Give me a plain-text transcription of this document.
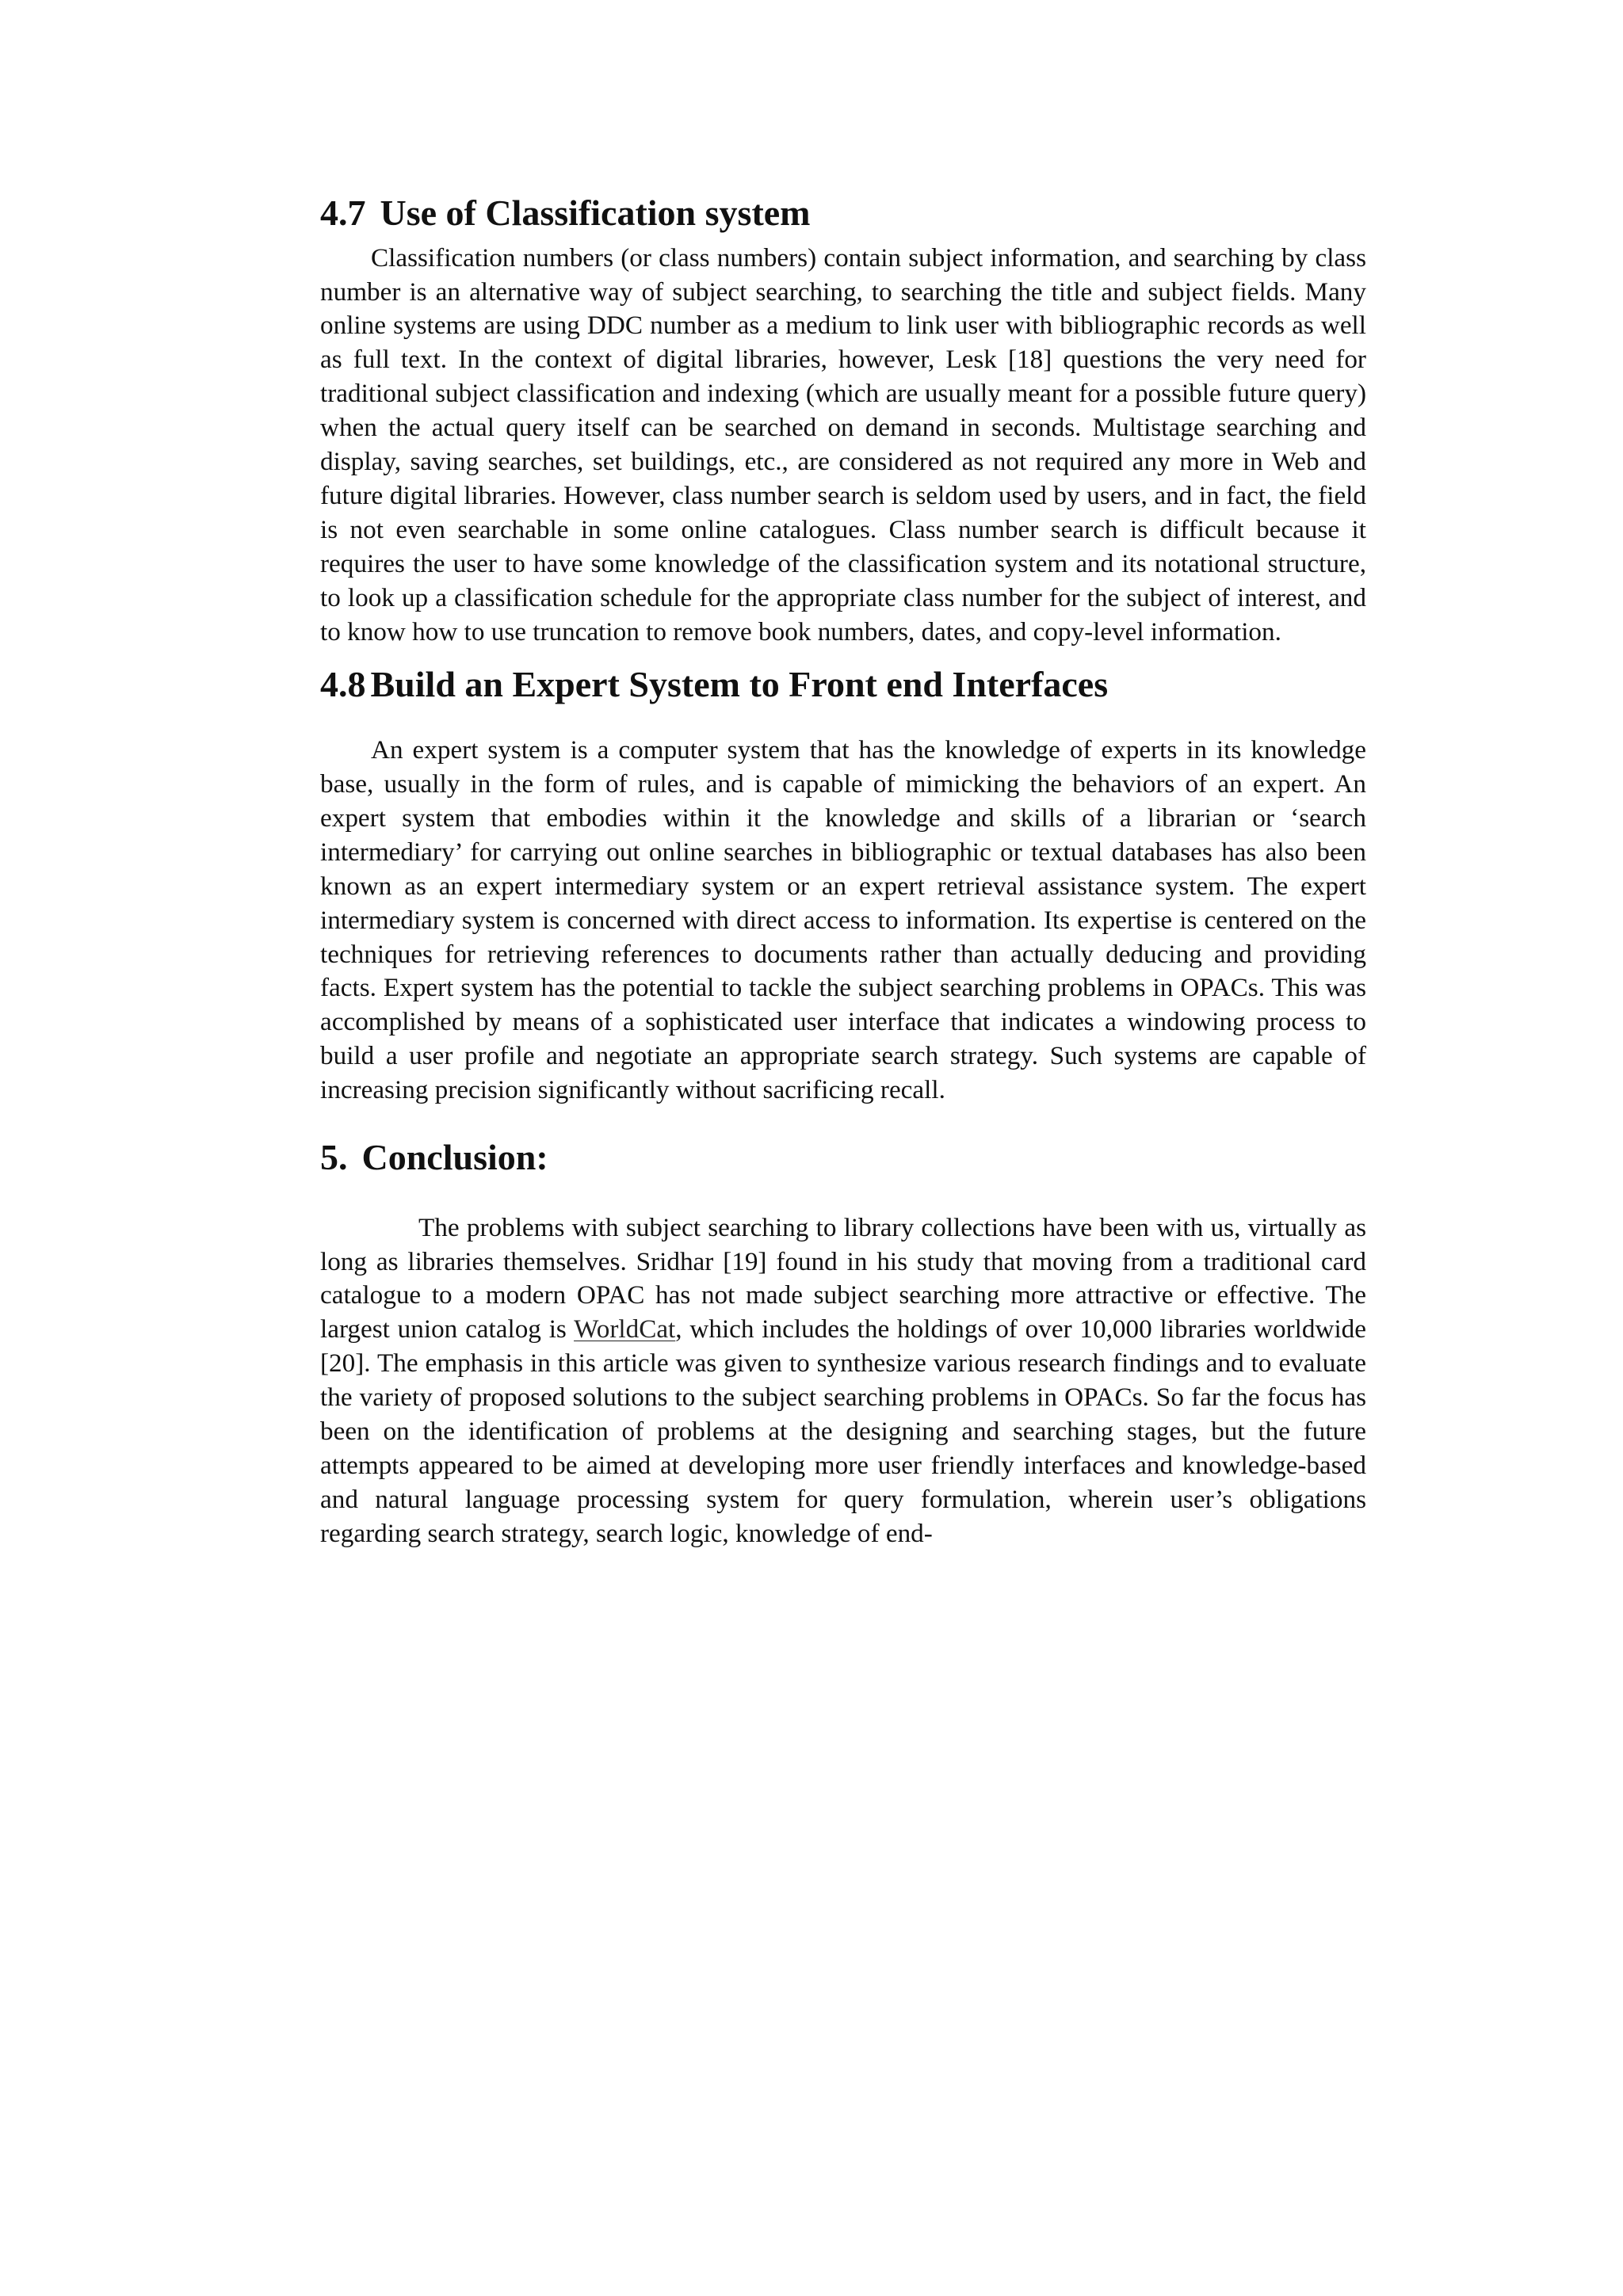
4.7 Use of Classification system

Classification numbers (or class numbers) contain subject information, and searching by class number is an alternative way of subject searching, to searching the title and subject fields. Many online systems are using DDC number as a medium to link user with bibliographic records as well as full text. In the context of digital libraries, however, Lesk [18] questions the very need for traditional subject classification and indexing (which are usually meant for a possible future query) when the actual query itself can be searched on demand in seconds. Multistage searching and display, saving searches, set buildings, etc., are considered as not required any more in Web and future digital libraries. However, class number search is seldom used by users, and in fact, the field is not even searchable in some online catalogues. Class number search is difficult because it requires the user to have some knowledge of the classification system and its notational structure, to look up a classification schedule for the appropriate class number for the subject of interest, and to know how to use truncation to remove book numbers, dates, and copy-level information.

4.8 Build an Expert System to Front end Interfaces

An expert system is a computer system that has the knowledge of experts in its knowledge base, usually in the form of rules, and is capable of mimicking the behaviors of an expert. An expert system that embodies within it the knowledge and skills of a librarian or ‘search intermediary’ for carrying out online searches in bibliographic or textual databases has also been known as an expert intermediary system or an expert retrieval assistance system. The expert intermediary system is concerned with direct access to information. Its expertise is centered on the techniques for retrieving references to documents rather than actually deducing and providing facts. Expert system has the potential to tackle the subject searching problems in OPACs. This was accomplished by means of a sophisticated user interface that indicates a windowing process to build a user profile and negotiate an appropriate search strategy. Such systems are capable of increasing precision significantly without sacrificing recall.

5. Conclusion:

The problems with subject searching to library collections have been with us, virtually as long as libraries themselves. Sridhar [19] found in his study that moving from a traditional card catalogue to a modern OPAC has not made subject searching more attractive or effective. The largest union catalog is WorldCat, which includes the holdings of over 10,000 libraries worldwide [20]. The emphasis in this article was given to synthesize various research findings and to evaluate the variety of proposed solutions to the subject searching problems in OPACs. So far the focus has been on the identification of problems at the designing and searching stages, but the future attempts appeared to be aimed at developing more user friendly interfaces and knowledge-based and natural language processing system for query formulation, wherein user’s obligations regarding search strategy, search logic, knowledge of end-
